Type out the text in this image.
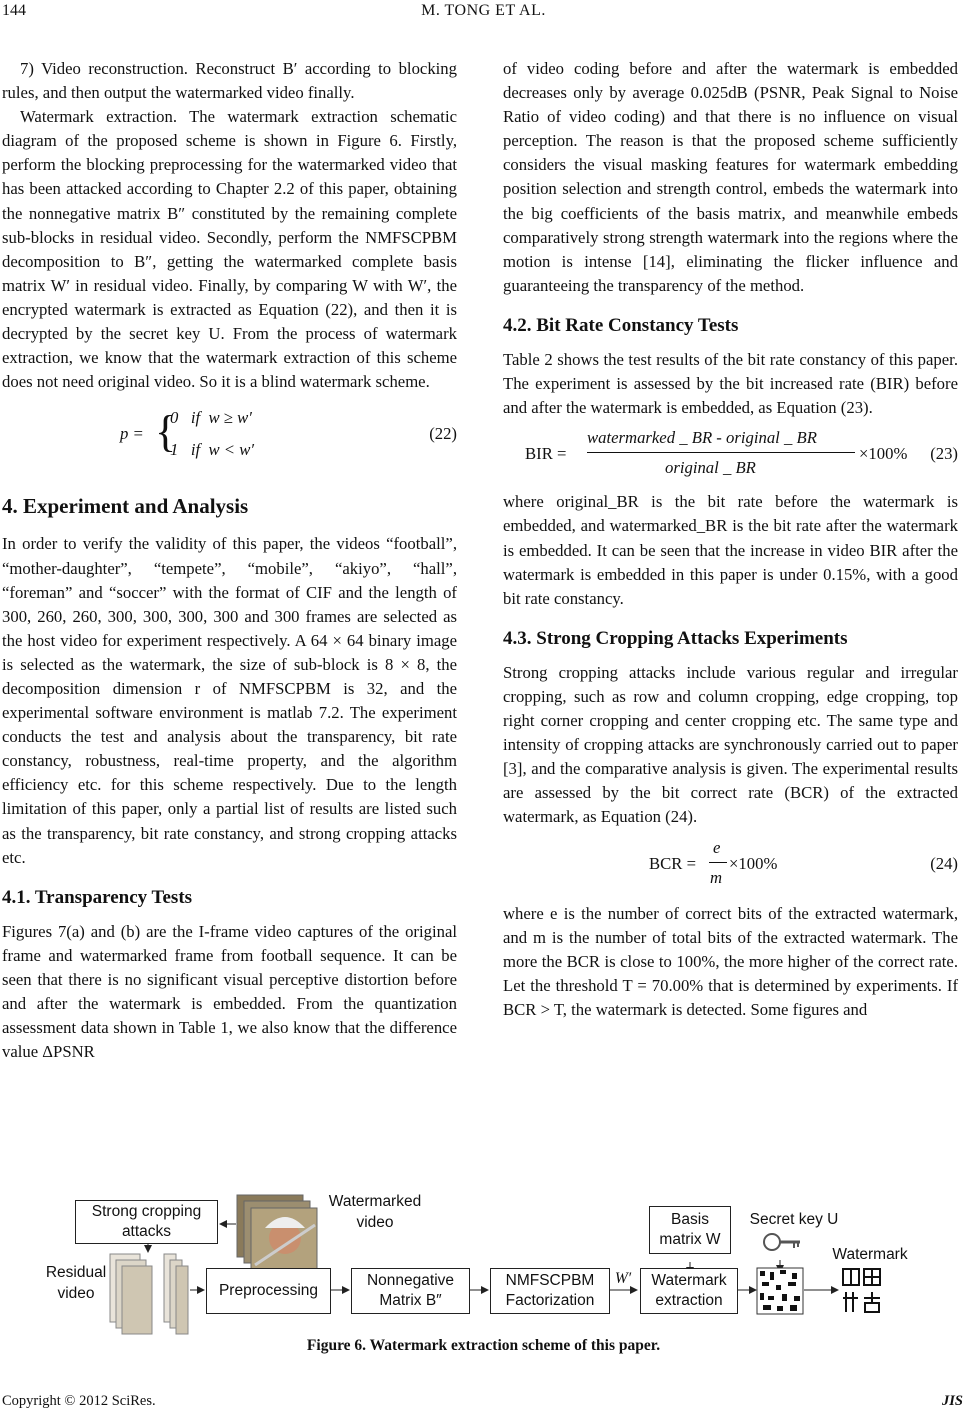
144	M. TONG ET AL.

7) Video reconstruction. Reconstruct B′ according to blocking rules, and then output the watermarked video finally.

Watermark extraction. The watermark extraction schematic diagram of the proposed scheme is shown in Figure 6. Firstly, perform the blocking preprocessing for the watermarked video that has been attacked according to Chapter 2.2 of this paper, obtaining the nonnegative matrix B″ constituted by the remaining complete sub-blocks in residual video. Secondly, perform the NMFSCPBM decomposition to B″, getting the watermarked complete basis matrix W′ in residual video. Finally, by comparing W with W′, the encrypted watermark is extracted as Equation (22), and then it is decrypted by the secret key U. From the process of watermark extraction, we know that the watermark extraction of this scheme does not need original video. So it is a blind watermark scheme.

p = {
0   if  w ≥ w′
1   if  w < w′
(22)

4. Experiment and Analysis

In order to verify the validity of this paper, the videos “football”, “mother-daughter”, “tempete”, “mobile”, “akiyo”, “hall”, “foreman” and “soccer” with the format of CIF and the length of 300, 260, 260, 300, 300, 300, 300 and 300 frames are selected as the host video for experiment respectively. A 64 × 64 binary image is selected as the watermark, the size of sub-block is 8 × 8, the decomposition dimension r of NMFSCPBM is 32, and the experimental software environment is matlab 7.2. The experiment conducts the test and analysis about the transparency, bit rate constancy, robustness, real-time property, and the algorithm efficiency etc. for this scheme respectively. Due to the length limitation of this paper, only a partial list of results are listed such as the transparency, bit rate constancy, and strong cropping attacks etc.

4.1. Transparency Tests

Figures 7(a) and (b) are the I-frame video captures of the original frame and watermarked frame from football sequence. It can be seen that there is no significant visual perceptive distortion before and after the watermark is embedded. From the quantization assessment data shown in Table 1, we also know that the difference value ΔPSNR

of video coding before and after the watermark is embedded decreases only by average 0.025dB (PSNR, Peak Signal to Noise Ratio of video coding) and that there is no influence on visual perception. The reason is that the proposed scheme sufficiently considers the visual masking features for watermark embedding position selection and strength control, embeds the watermark into the big coefficients of the basis matrix, and meanwhile embeds comparatively strong strength watermark into the regions where the motion is intense [14], eliminating the flicker influence and guaranteeing the transparency of the method.

4.2. Bit Rate Constancy Tests

Table 2 shows the test results of the bit rate constancy of this paper. The experiment is assessed by the bit increased rate (BIR) before and after the watermark is embedded, as Equation (23).

BIR =
watermarked _ BR - original _ BR
original _ BR
×100% (23)

where original_BR is the bit rate before the watermark is embedded, and watermarked_BR is the bit rate after the watermark is embedded. It can be seen that the increase in video BIR after the watermark is embedded in this paper is under 0.15%, with a good bit rate constancy.

4.3. Strong Cropping Attacks Experiments

Strong cropping attacks include various regular and irregular cropping, such as row and column cropping, edge cropping, top right corner cropping and center cropping etc. The same type and intensity of cropping attacks are synchronously carried out to paper [3], and the comparative analysis is given. The experimental results are assessed by the bit correct rate (BCR) of the extracted watermark, as Equation (24).

BCR =
e
m
×100%	(24)

where e is the number of correct bits of the extracted watermark, and m is the number of total bits of the extracted watermark. The more the BCR is close to 100%, the more higher of the correct rate. Let the threshold T = 70.00% that is determined by experiments. If BCR > T, the watermark is detected. Some figures and

Strong cropping attacks
Watermarked video	Basis matrix W
Secret key U
Watermark
Residual video	Preprocessing
Nonnegative Matrix B″
NMFSCPBM Factorization
W′	Watermark extraction
Figure 6. Watermark extraction scheme of this paper.
Copyright © 2012 SciRes.	JIS
